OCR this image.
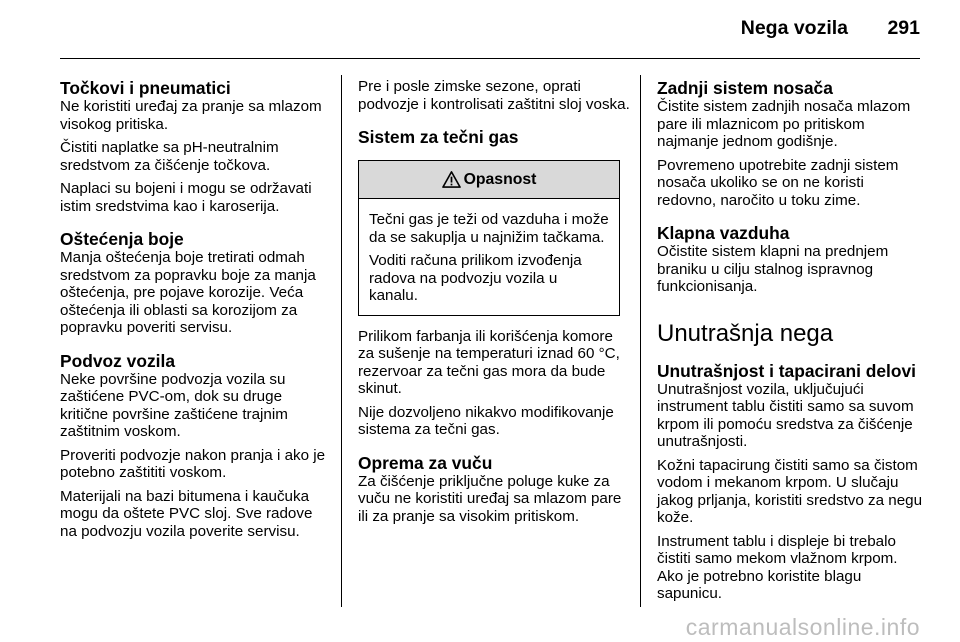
Nega vozila 291
Točkovi i pneumatici

Ne koristiti uređaj za pranje sa mlazom visokog pritiska.

Čistiti naplatke sa pH-neutralnim sredstvom za čišćenje točkova.

Naplaci su bojeni i mogu se održavati istim sredstvima kao i karoserija.

Oštećenja boje

Manja oštećenja boje tretirati odmah sredstvom za popravku boje za manja oštećenja, pre pojave korozije. Veća oštećenja ili oblasti sa korozijom za popravku poveriti servisu.

Podvoz vozila

Neke površine podvozja vozila su zaštićene PVC-om, dok su druge kritične površine zaštićene trajnim zaštitnim voskom.

Proveriti podvozje nakon pranja i ako je potebno zaštititi voskom.

Materijali na bazi bitumena i kaučuka mogu da oštete PVC sloj. Sve radove na podvozju vozila poverite servisu.

Pre i posle zimske sezone, oprati podvozje i kontrolisati zaštitni sloj voska.

Sistem za tečni gas
Opasnost

Tečni gas je teži od vazduha i može da se sakuplja u najnižim tačkama.

Voditi računa prilikom izvođenja radova na podvozju vozila u kanalu.

Prilikom farbanja ili korišćenja komore za sušenje na temperaturi iznad 60 °C, rezervoar za tečni gas mora da bude skinut.

Nije dozvoljeno nikakvo modifikovanje sistema za tečni gas.

Oprema za vuču

Za čišćenje priključne poluge kuke za vuču ne koristiti uređaj sa mlazom pare ili za pranje sa visokim pritiskom.

Zadnji sistem nosača

Čistite sistem zadnjih nosača mlazom pare ili mlaznicom po pritiskom najmanje jednom godišnje.

Povremeno upotrebite zadnji sistem nosača ukoliko se on ne koristi redovno, naročito u toku zime.

Klapna vazduha

Očistite sistem klapni na prednjem braniku u cilju stalnog ispravnog funkcionisanja.

Unutrašnja nega
Unutrašnjost i tapacirani delovi

Unutrašnjost vozila, uključujući instrument tablu čistiti samo sa suvom krpom ili pomoću sredstva za čišćenje unutrašnjosti.

Kožni tapacirung čistiti samo sa čistom vodom i mekanom krpom. U slučaju jakog prljanja, koristiti sredstvo za negu kože.

Instrument tablu i displeje bi trebalo čistiti samo mekom vlažnom krpom. Ako je potrebno koristite blagu sapunicu.

carmanualsonline.info
